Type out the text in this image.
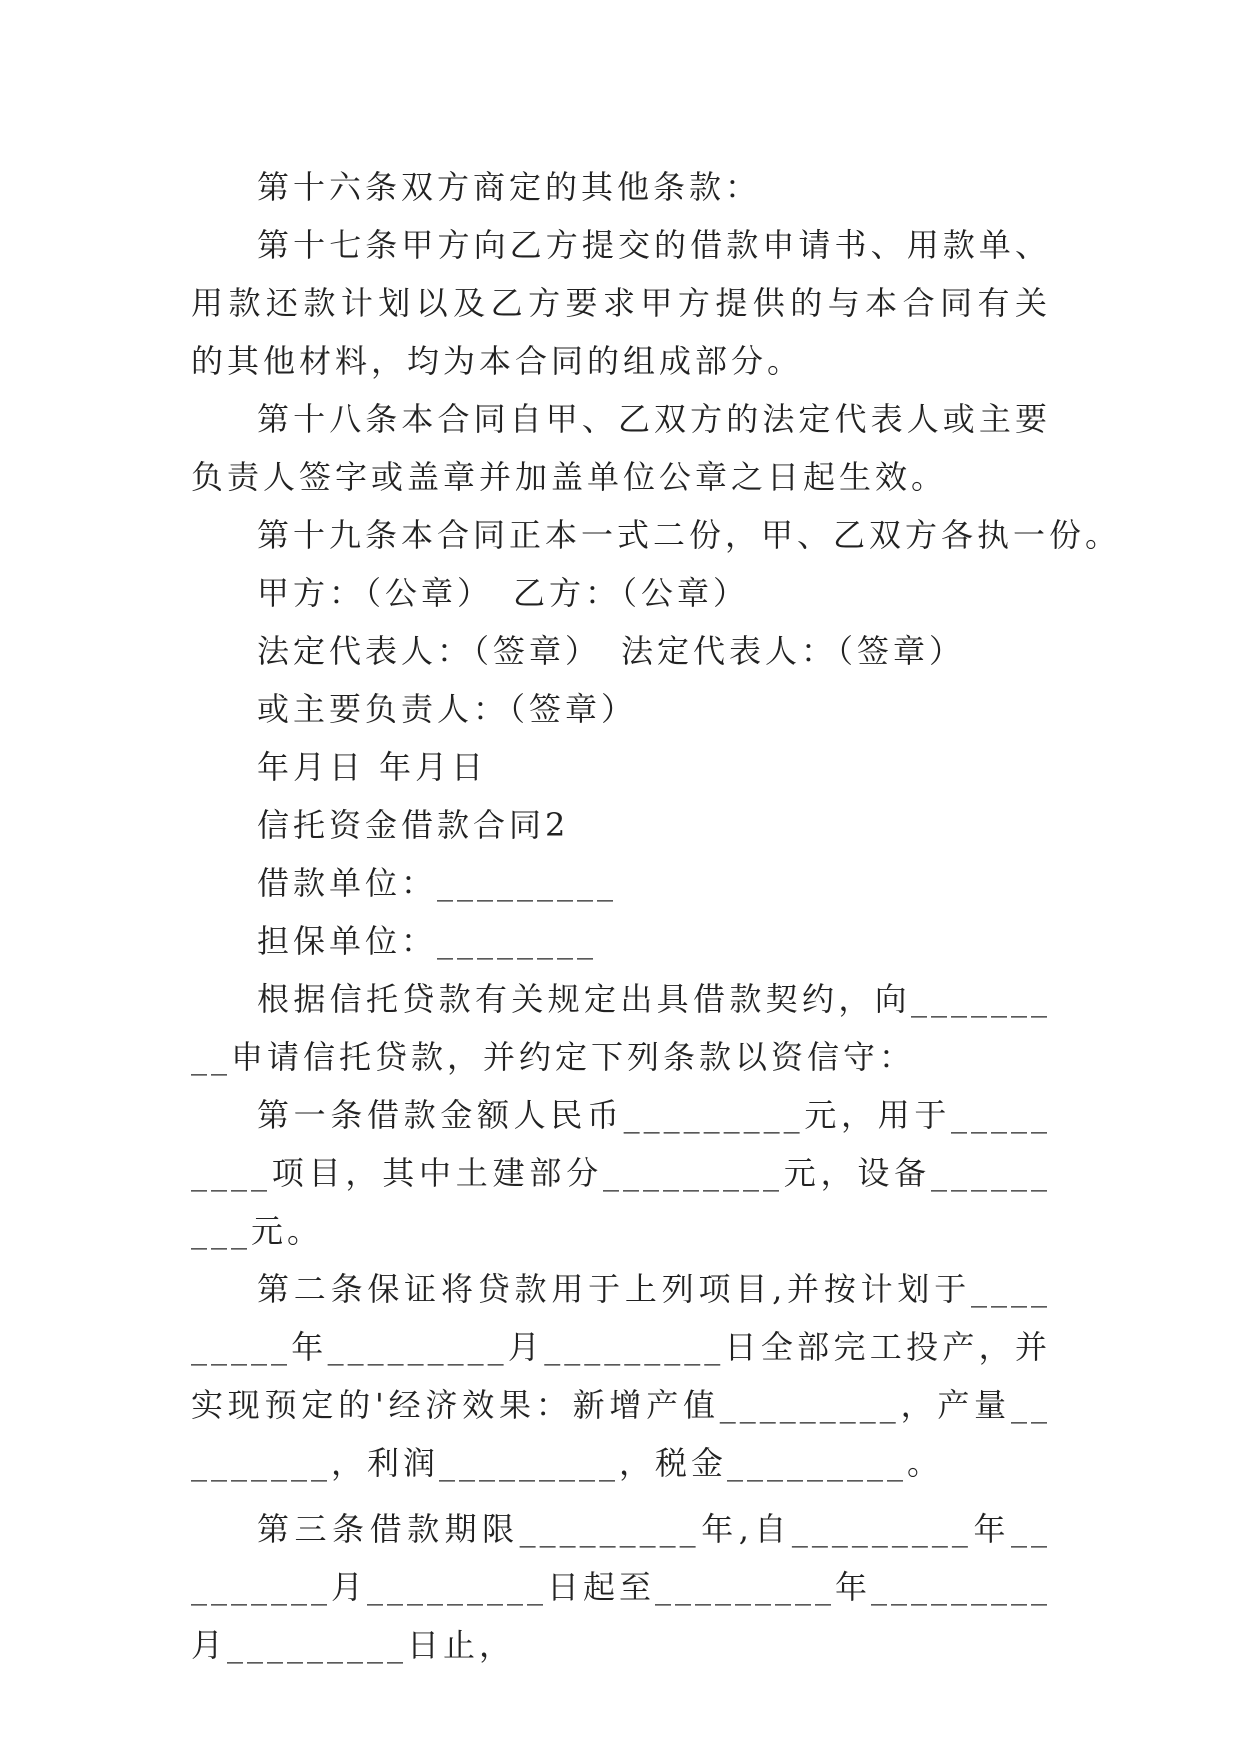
第十六条双方商定的其他条款：

第十七条甲方向乙方提交的借款申请书、用款单、用款还款计划以及乙方要求甲方提供的与本合同有关的其他材料，均为本合同的组成部分。

第十八条本合同自甲、乙双方的法定代表人或主要负责人签字或盖章并加盖单位公章之日起生效。

第十九条本合同正本一式二份，甲、乙双方各执一份。

甲方：（公章）　乙方：（公章）

法定代表人：（签章）　法定代表人：（签章）

或主要负责人：（签章）

年月日 年月日

信托资金借款合同2

借款单位：_________

担保单位：________

根据信托贷款有关规定出具借款契约，向_________申请信托贷款，并约定下列条款以资信守：

第一条借款金额人民币_________元，用于_________项目，其中土建部分_________元，设备_________元。

第二条保证将贷款用于上列项目,并按计划于_________年_________月_________日全部完工投产，并实现预定的'经济效果：新增产值_________，产量_________，利润_________，税金_________。

第三条借款期限_________年,自_________年_________月_________日起至_________年_________月_________日止，
